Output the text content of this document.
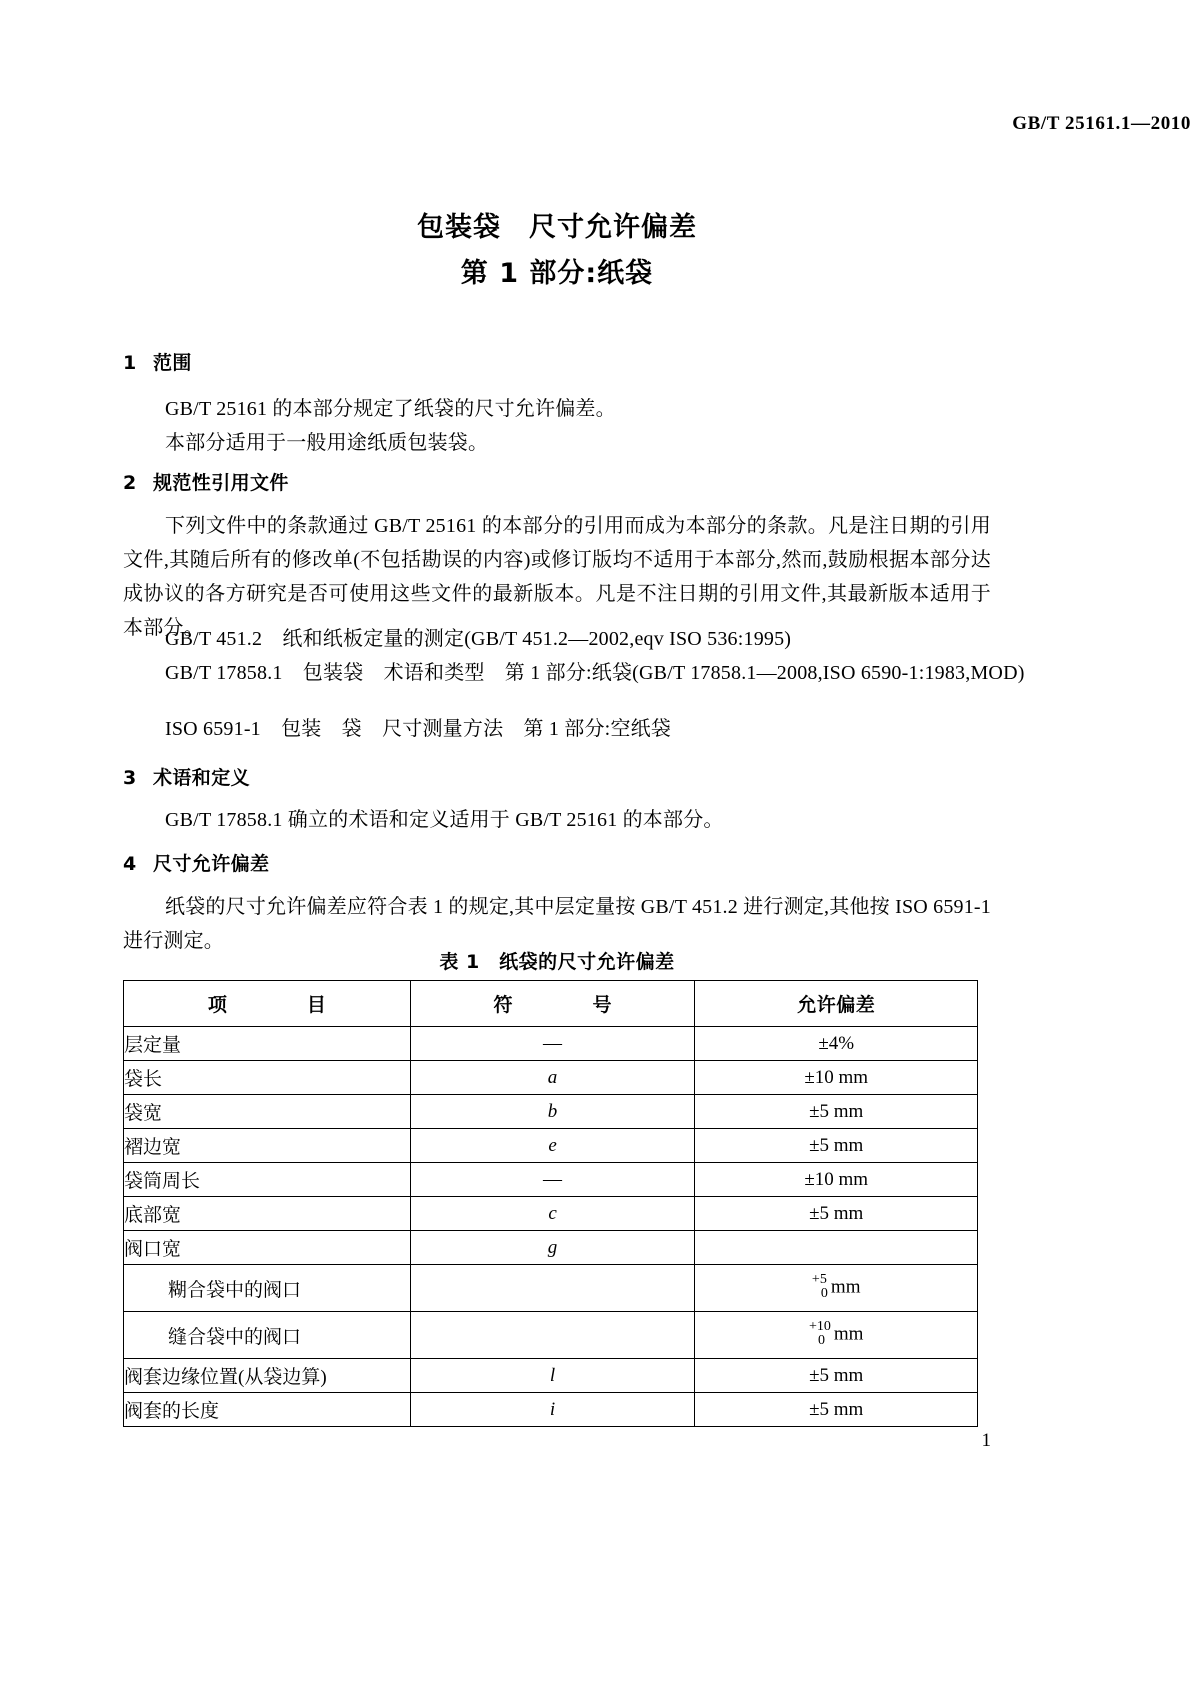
GB/T 25161.1—2010
包装袋　尺寸允许偏差
第 1 部分:纸袋
1 范围
GB/T 25161 的本部分规定了纸袋的尺寸允许偏差。
本部分适用于一般用途纸质包装袋。
2 规范性引用文件
下列文件中的条款通过 GB/T 25161 的本部分的引用而成为本部分的条款。凡是注日期的引用文件,其随后所有的修改单(不包括勘误的内容)或修订版均不适用于本部分,然而,鼓励根据本部分达成协议的各方研究是否可使用这些文件的最新版本。凡是不注日期的引用文件,其最新版本适用于本部分。
GB/T 451.2　纸和纸板定量的测定(GB/T 451.2—2002,eqv ISO 536:1995)
GB/T 17858.1　包装袋　术语和类型　第 1 部分:纸袋(GB/T 17858.1—2008,ISO 6590-1:1983,MOD)
ISO 6591-1　包装　袋　尺寸测量方法　第 1 部分:空纸袋
3 术语和定义
GB/T 17858.1 确立的术语和定义适用于 GB/T 25161 的本部分。
4 尺寸允许偏差
纸袋的尺寸允许偏差应符合表 1 的规定,其中层定量按 GB/T 451.2 进行测定,其他按 ISO 6591-1 进行测定。
表 1　纸袋的尺寸允许偏差
项　　目	符　　号	允许偏差
层定量	—	±4%
袋长	a	±10 mm
袋宽	b	±5 mm
褶边宽	e	±5 mm
袋筒周长	—	±10 mm
底部宽	c	±5 mm
阀口宽	g	
糊合袋中的阀口		+5
0 mm
缝合袋中的阀口		+10
0 mm
阀套边缘位置(从袋边算)	l	±5 mm
阀套的长度	i	±5 mm
1
